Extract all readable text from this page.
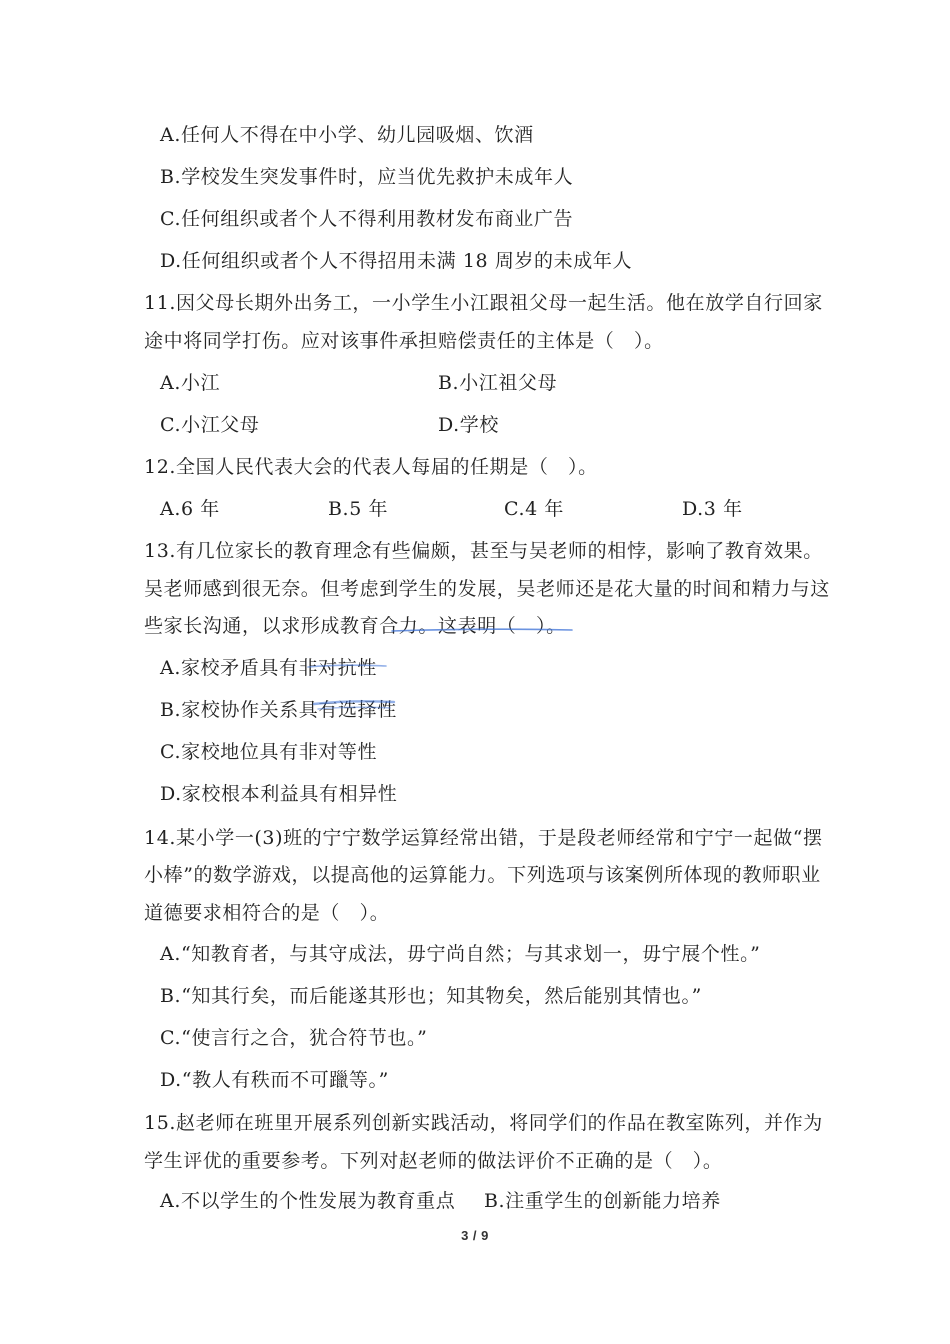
A.任何人不得在中小学、幼儿园吸烟、饮酒
B.学校发生突发事件时，应当优先救护未成年人
C.任何组织或者个人不得利用教材发布商业广告
D.任何组织或者个人不得招用未满 18 周岁的未成年人
11.因父母长期外出务工，一小学生小江跟祖父母一起生活。他在放学自行回家
途中将同学打伤。应对该事件承担赔偿责任的主体是（　）。
A.小江	B.小江祖父母
C.小江父母	D.学校
12.全国人民代表大会的代表人每届的任期是（　）。
A.6 年	B.5 年	C.4 年	D.3 年
13.有几位家长的教育理念有些偏颇，甚至与吴老师的相悖，影响了教育效果。
吴老师感到很无奈。但考虑到学生的发展，吴老师还是花大量的时间和精力与这
些家长沟通，以求形成教育合力。这表明（　）。
A.家校矛盾具有非对抗性
B.家校协作关系具有选择性
C.家校地位具有非对等性
D.家校根本利益具有相异性
14.某小学一(3)班的宁宁数学运算经常出错，于是段老师经常和宁宁一起做“摆
小棒”的数学游戏，以提高他的运算能力。下列选项与该案例所体现的教师职业
道德要求相符合的是（　）。
A.“知教育者，与其守成法，毋宁尚自然；与其求划一，毋宁展个性。”
B.“知其行矣，而后能遂其形也；知其物矣，然后能别其情也。”
C.“使言行之合，犹合符节也。”
D.“教人有秩而不可躐等。”
15.赵老师在班里开展系列创新实践活动，将同学们的作品在教室陈列，并作为
学生评优的重要参考。下列对赵老师的做法评价不正确的是（　）。
A.不以学生的个性发展为教育重点 B.注重学生的创新能力培养
3 / 9
